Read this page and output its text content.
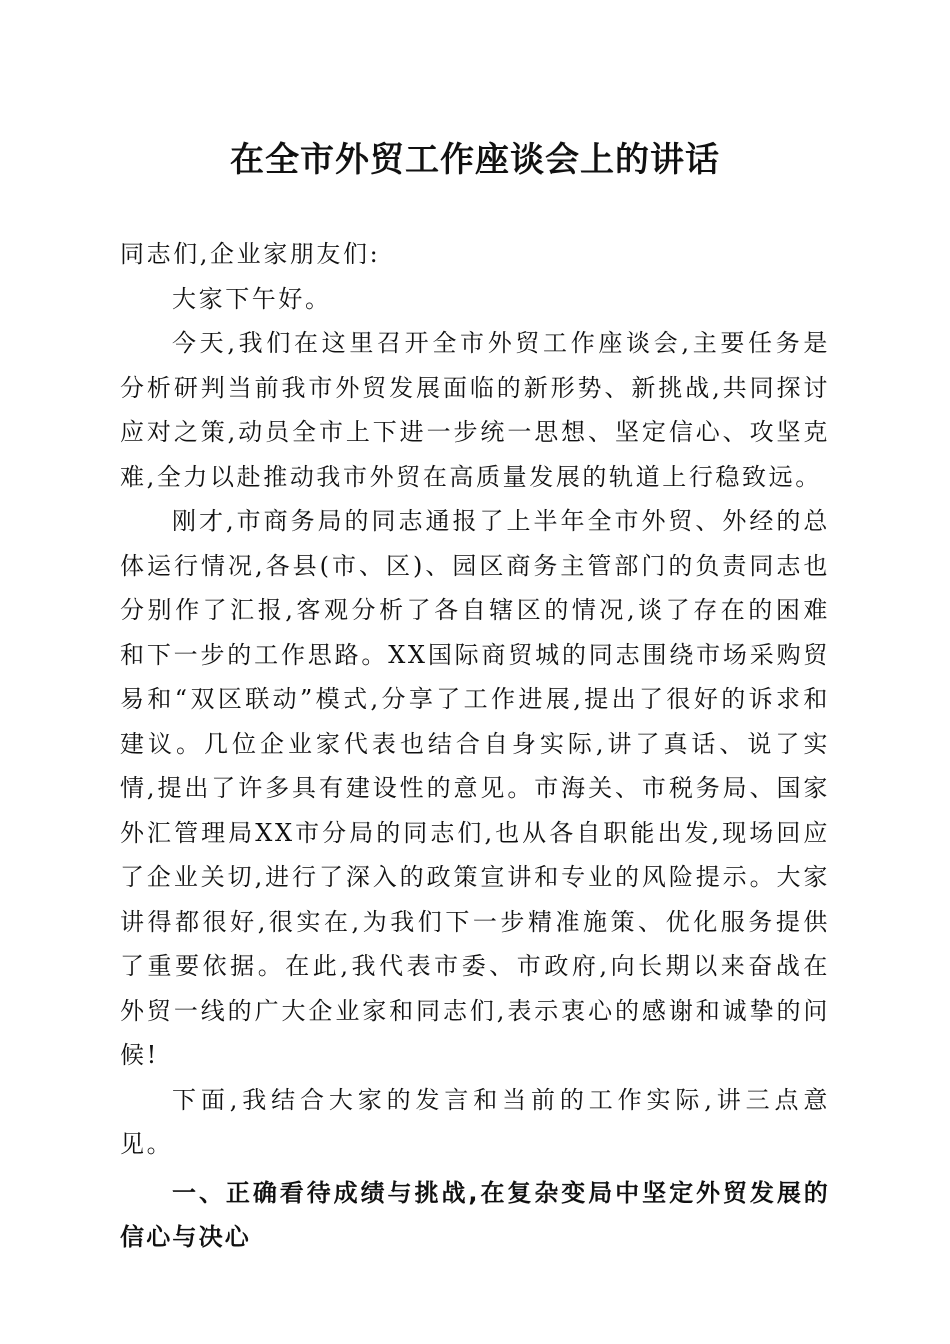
在全市外贸工作座谈会上的讲话

同志们,企业家朋友们:

大家下午好。

今天,我们在这里召开全市外贸工作座谈会,主要任务是分析研判当前我市外贸发展面临的新形势、新挑战,共同探讨应对之策,动员全市上下进一步统一思想、坚定信心、攻坚克难,全力以赴推动我市外贸在高质量发展的轨道上行稳致远。

刚才,市商务局的同志通报了上半年全市外贸、外经的总体运行情况,各县(市、区)、园区商务主管部门的负责同志也分别作了汇报,客观分析了各自辖区的情况,谈了存在的困难和下一步的工作思路。XX国际商贸城的同志围绕市场采购贸易和“双区联动”模式,分享了工作进展,提出了很好的诉求和建议。几位企业家代表也结合自身实际,讲了真话、说了实情,提出了许多具有建设性的意见。市海关、市税务局、国家外汇管理局XX市分局的同志们,也从各自职能出发,现场回应了企业关切,进行了深入的政策宣讲和专业的风险提示。大家讲得都很好,很实在,为我们下一步精准施策、优化服务提供了重要依据。在此,我代表市委、市政府,向长期以来奋战在外贸一线的广大企业家和同志们,表示衷心的感谢和诚挚的问候!

下面,我结合大家的发言和当前的工作实际,讲三点意见。

一、正确看待成绩与挑战,在复杂变局中坚定外贸发展的信心与决心
